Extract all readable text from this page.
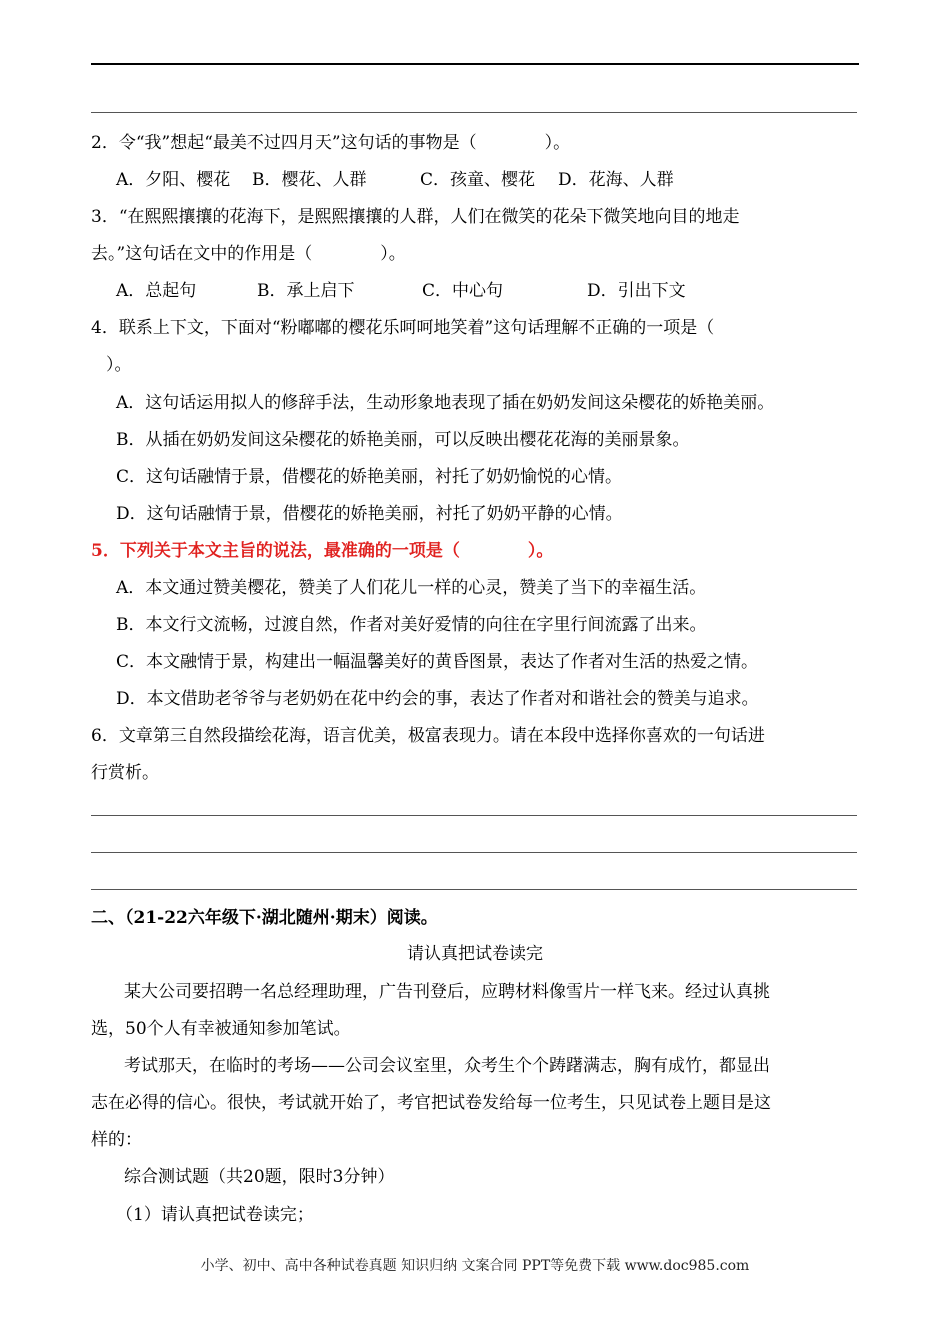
2．令“我”想起“最美不过四月天”这句话的事物是（　　　　）。
A．夕阳、樱花 B．樱花、人群	C．孩童、樱花 D．花海、人群
3．“在熙熙攘攘的花海下，是熙熙攘攘的人群，人们在微笑的花朵下微笑地向目的地走
去。”这句话在文中的作用是（　　　　）。
A．总起句	B．承上启下	C．中心句	D．引出下文
4．联系上下文，下面对“粉嘟嘟的樱花乐呵呵地笑着”这句话理解不正确的一项是（
）。
A．这句话运用拟人的修辞手法，生动形象地表现了插在奶奶发间这朵樱花的娇艳美丽。
B．从插在奶奶发间这朵樱花的娇艳美丽，可以反映出樱花花海的美丽景象。
C．这句话融情于景，借樱花的娇艳美丽，衬托了奶奶愉悦的心情。
D．这句话融情于景，借樱花的娇艳美丽，衬托了奶奶平静的心情。
5．下列关于本文主旨的说法，最准确的一项是（　　　　）。
A．本文通过赞美樱花，赞美了人们花儿一样的心灵，赞美了当下的幸福生活。
B．本文行文流畅，过渡自然，作者对美好爱情的向往在字里行间流露了出来。
C．本文融情于景，构建出一幅温馨美好的黄昏图景，表达了作者对生活的热爱之情。
D．本文借助老爷爷与老奶奶在花中约会的事，表达了作者对和谐社会的赞美与追求。
6．文章第三自然段描绘花海，语言优美，极富表现力。请在本段中选择你喜欢的一句话进
行赏析。
二、（21-22六年级下·湖北随州·期末）阅读。
请认真把试卷读完
某大公司要招聘一名总经理助理，广告刊登后，应聘材料像雪片一样飞来。经过认真挑
选，50个人有幸被通知参加笔试。
考试那天，在临时的考场——公司会议室里，众考生个个踌躇满志，胸有成竹，都显出
志在必得的信心。很快，考试就开始了，考官把试卷发给每一位考生，只见试卷上题目是这
样的：
综合测试题（共20题，限时3分钟）
（1）请认真把试卷读完；
小学、初中、高中各种试卷真题 知识归纳 文案合同 PPT等免费下载 www.doc985.com
